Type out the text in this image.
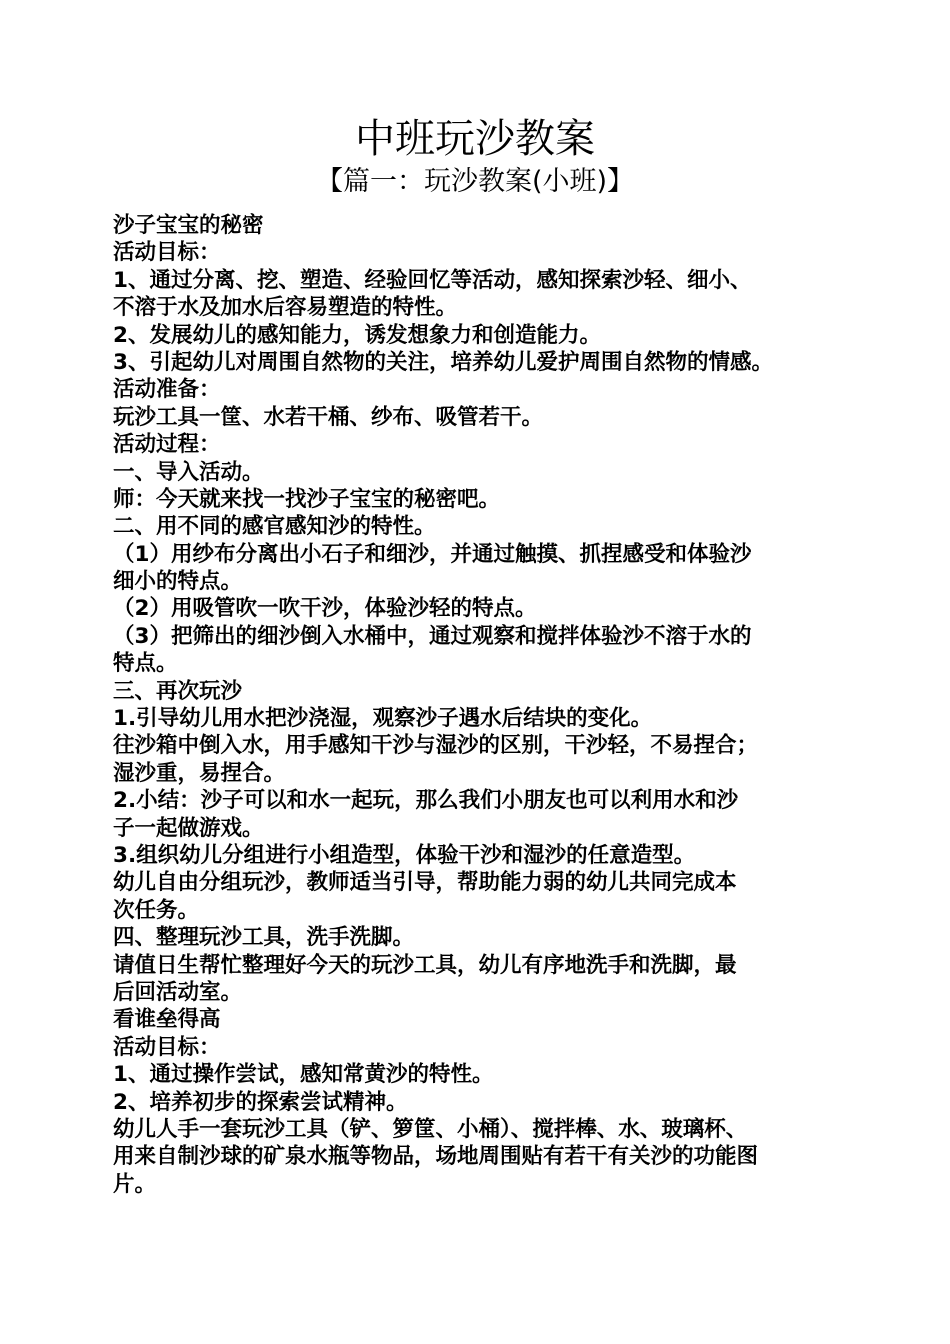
中班玩沙教案
【篇一：玩沙教案(小班)】
沙子宝宝的秘密
活动目标：
1、通过分离、挖、塑造、经验回忆等活动，感知探索沙轻、细小、
不溶于水及加水后容易塑造的特性。
2、发展幼儿的感知能力，诱发想象力和创造能力。
3、引起幼儿对周围自然物的关注，培养幼儿爱护周围自然物的情感。
活动准备：
玩沙工具一筐、水若干桶、纱布、吸管若干。
活动过程：
一、导入活动。
师：今天就来找一找沙子宝宝的秘密吧。
二、用不同的感官感知沙的特性。
（1）用纱布分离出小石子和细沙，并通过触摸、抓捏感受和体验沙
细小的特点。
（2）用吸管吹一吹干沙，体验沙轻的特点。
（3）把筛出的细沙倒入水桶中，通过观察和搅拌体验沙不溶于水的
特点。
三、再次玩沙
1.引导幼儿用水把沙浇湿，观察沙子遇水后结块的变化。
往沙箱中倒入水，用手感知干沙与湿沙的区别，干沙轻，不易捏合；
湿沙重，易捏合。
2.小结：沙子可以和水一起玩，那么我们小朋友也可以利用水和沙
子一起做游戏。
3.组织幼儿分组进行小组造型，体验干沙和湿沙的任意造型。
幼儿自由分组玩沙，教师适当引导，帮助能力弱的幼儿共同完成本
次任务。
四、整理玩沙工具，洗手洗脚。
请值日生帮忙整理好今天的玩沙工具，幼儿有序地洗手和洗脚，最
后回活动室。
看谁垒得高
活动目标：
1、通过操作尝试，感知常黄沙的特性。
2、培养初步的探索尝试精神。
幼儿人手一套玩沙工具（铲、箩筐、小桶）、搅拌棒、水、玻璃杯、
用来自制沙球的矿泉水瓶等物品，场地周围贴有若干有关沙的功能图
片。
